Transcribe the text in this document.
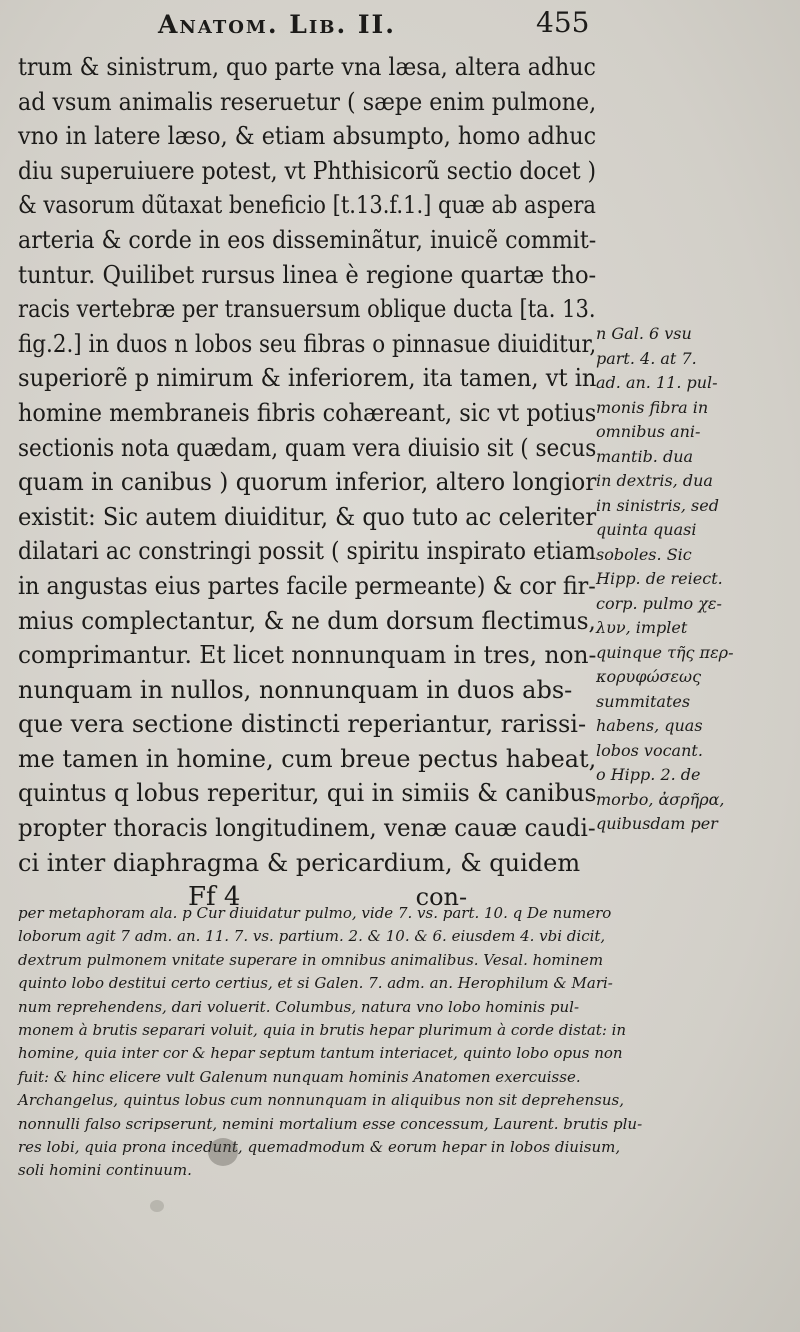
Anatom. Lib. II.	455
trum & sinistrum, quo parte vna læsa, altera adhuc
ad vsum animalis reseruetur ( sæpe enim pulmone,
vno in latere læso, & etiam absumpto, homo adhuc
diu superuiuere potest, vt Phthisicorũ sectio docet )
& vasorum dũtaxat beneficio [t.13.f.1.] quæ ab aspera
arteria & corde in eos disseminãtur, inuicẽ commit-
tuntur. Quilibet rursus linea è regione quartæ tho-
racis vertebræ per transuersum oblique ducta [ta. 13.
fig.2.] in duos n lobos seu fibras o pinnasue diuiditur,
superiorẽ p nimirum & inferiorem, ita tamen, vt in
homine membraneis fibris cohæreant, sic vt potius
sectionis nota quædam, quam vera diuisio sit ( secus
quam in canibus ) quorum inferior, altero longior
existit: Sic autem diuiditur, & quo tuto ac celeriter
dilatari ac constringi possit ( spiritu inspirato etiam
in angustas eius partes facile permeante) & cor fir-
mius complectantur, & ne dum dorsum flectimus,
comprimantur. Et licet nonnunquam in tres, non-
nunquam in nullos, nonnunquam in duos abs-
que vera sectione distincti reperiantur, rarissi-
me tamen in homine, cum breue pectus habeat,
quintus q lobus reperitur, qui in simiis & canibus
propter thoracis longitudinem, venæ cauæ caudi-
ci inter diaphragma & pericardium, & quidem
Ff 4	con-
n Gal. 6 vsu
part. 4. at 7.
ad. an. 11. pul-
monis fibra in
omnibus ani-
mantib. dua
in dextris, dua
in sinistris, sed
quinta quasi
soboles. Sic
Hipp. de reiect.
corp. pulmo χε-
λυν, implet
quinque τῆς περ-
κορυφώσεως
summitates
habens, quas
lobos vocant.
o Hipp. 2. de
morbo, ἀσρῆρα,
quibusdam per
per metaphoram ala. p Cur diuidatur pulmo, vide 7. vs. part. 10. q De numero
loborum agit 7 adm. an. 11. 7. vs. partium. 2. & 10. & 6. eiusdem 4. vbi dicit,
dextrum pulmonem vnitate superare in omnibus animalibus. Vesal. hominem
quinto lobo destitui certo certius, et si Galen. 7. adm. an. Herophilum & Mari-
num reprehendens, dari voluerit. Columbus, natura vno lobo hominis pul-
monem à brutis separari voluit, quia in brutis hepar plurimum à corde distat: in
homine, quia inter cor & hepar septum tantum interiacet, quinto lobo opus non
fuit: & hinc elicere vult Galenum nunquam hominis Anatomen exercuisse.
Archangelus, quintus lobus cum nonnunquam in aliquibus non sit deprehensus,
nonnulli falso scripserunt, nemini mortalium esse concessum, Laurent. brutis plu-
res lobi, quia prona incedunt, quemadmodum & eorum hepar in lobos diuisum,
soli homini continuum.
